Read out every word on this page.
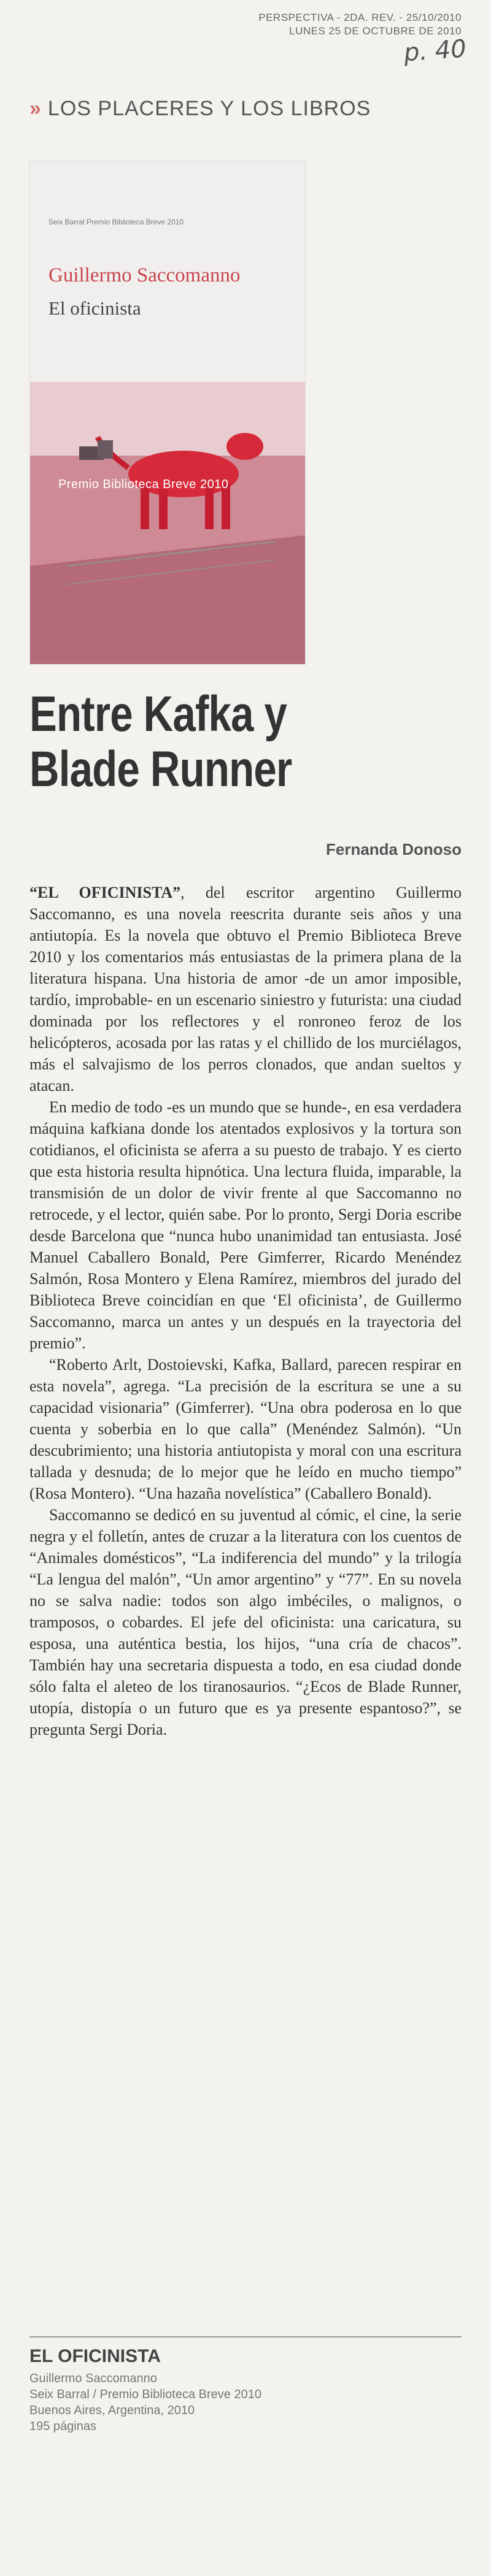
PERSPECTIVA - 2DA. REV. - 25/10/2010
LUNES 25 DE OCTUBRE DE 2010
p. 40
» LOS PLACERES Y LOS LIBROS
Seix Barral Premio Biblioteca Breve 2010
Guillermo Saccomanno
El oficinista
Premio Biblioteca Breve 2010
Entre Kafka y
Blade Runner
Fernanda Donoso

“EL OFICINISTA”, del escritor argentino Guillermo Saccomanno, es una novela reescrita durante seis años y una antiutopía. Es la novela que obtuvo el Premio Biblioteca Breve 2010 y los comentarios más entusiastas de la primera plana de la literatura hispana. Una historia de amor -de un amor imposible, tardío, improbable- en un escenario siniestro y futurista: una ciudad dominada por los reflectores y el ronroneo feroz de los helicópteros, acosada por las ratas y el chillido de los murciélagos, más el salvajismo de los perros clonados, que andan sueltos y atacan.

En medio de todo -es un mundo que se hunde-, en esa verdadera máquina kafkiana donde los atentados explosivos y la tortura son cotidianos, el oficinista se aferra a su puesto de trabajo. Y es cierto que esta historia resulta hipnótica. Una lectura fluida, imparable, la transmisión de un dolor de vivir frente al que Saccomanno no retrocede, y el lector, quién sabe. Por lo pronto, Sergi Doria escribe desde Barcelona que “nunca hubo unanimidad tan entusiasta. José Manuel Caballero Bonald, Pere Gimferrer, Ricardo Menéndez Salmón, Rosa Montero y Elena Ramírez, miembros del jurado del Biblioteca Breve coincidían en que ‘El oficinista’, de Guillermo Saccomanno, marca un antes y un después en la trayectoria del premio”.

“Roberto Arlt, Dostoievski, Kafka, Ballard, parecen respirar en esta novela”, agrega. “La precisión de la escritura se une a su capacidad visionaria” (Gimferrer). “Una obra poderosa en lo que cuenta y soberbia en lo que calla” (Menéndez Salmón). “Un descubrimiento; una historia antiutopista y moral con una escritura tallada y desnuda; de lo mejor que he leído en mucho tiempo” (Rosa Montero). “Una hazaña novelística” (Caballero Bonald).

Saccomanno se dedicó en su juventud al cómic, el cine, la serie negra y el folletín, antes de cruzar a la literatura con los cuentos de “Animales domésticos”, “La indiferencia del mundo” y la trilogía “La lengua del malón”, “Un amor argentino” y “77”. En su novela no se salva nadie: todos son algo imbéciles, o malignos, o tramposos, o cobardes. El jefe del oficinista: una caricatura, su esposa, una auténtica bestia, los hijos, “una cría de chacos”. También hay una secretaria dispuesta a todo, en esa ciudad donde sólo falta el aleteo de los tiranosaurios. “¿Ecos de Blade Runner, utopía, distopía o un futuro que es ya presente espantoso?”, se pregunta Sergi Doria.

EL OFICINISTA
Guillermo Saccomanno
Seix Barral / Premio Biblioteca Breve 2010
Buenos Aires, Argentina, 2010
195 páginas
